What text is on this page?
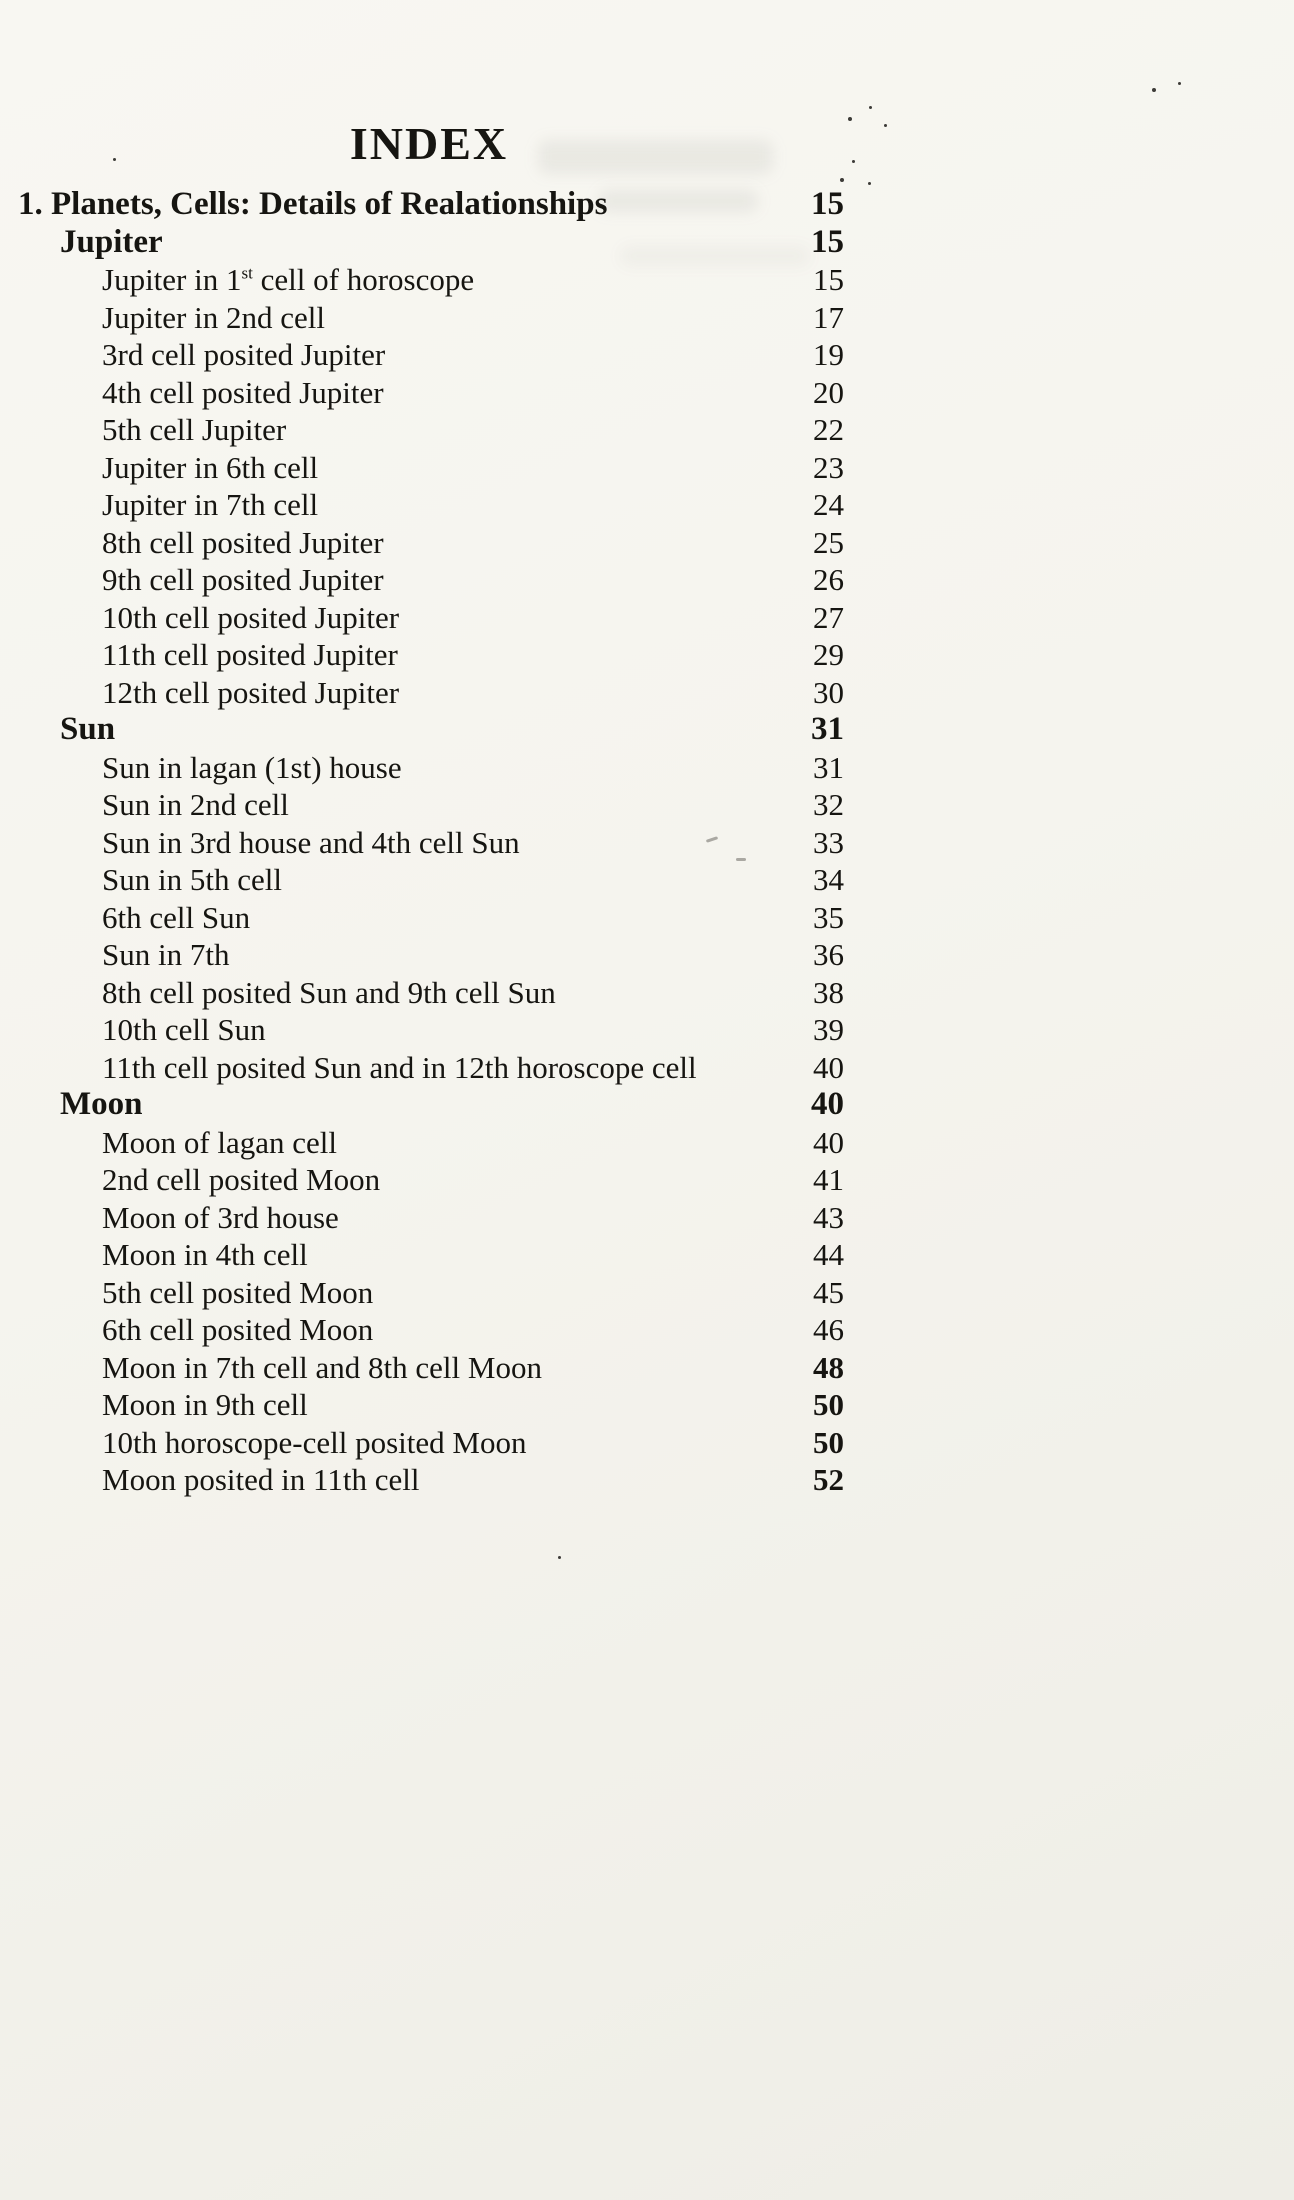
INDEX
1. Planets, Cells: Details of Realationships	15
Jupiter	15
Jupiter in 1st cell of horoscope	15
Jupiter in 2nd cell	17
3rd cell posited Jupiter	19
4th cell posited Jupiter	20
5th cell Jupiter	22
Jupiter in 6th cell	23
Jupiter in 7th cell	24
8th cell posited Jupiter	25
9th cell posited Jupiter	26
10th cell posited Jupiter	27
11th cell posited Jupiter	29
12th cell posited Jupiter	30
Sun	31
Sun in lagan (1st) house	31
Sun in 2nd cell	32
Sun in 3rd house and 4th cell Sun	33
Sun in 5th cell	34
6th cell Sun	35
Sun in 7th	36
8th cell posited Sun and 9th cell Sun	38
10th cell Sun	39
11th cell posited Sun and in 12th horoscope cell	40
Moon	40
Moon of lagan cell	40
2nd cell posited Moon	41
Moon of 3rd house	43
Moon in 4th cell	44
5th cell posited Moon	45
6th cell posited Moon	46
Moon in 7th cell and 8th cell Moon	48
Moon in 9th cell	50
10th horoscope-cell posited Moon	50
Moon posited in 11th cell	52
